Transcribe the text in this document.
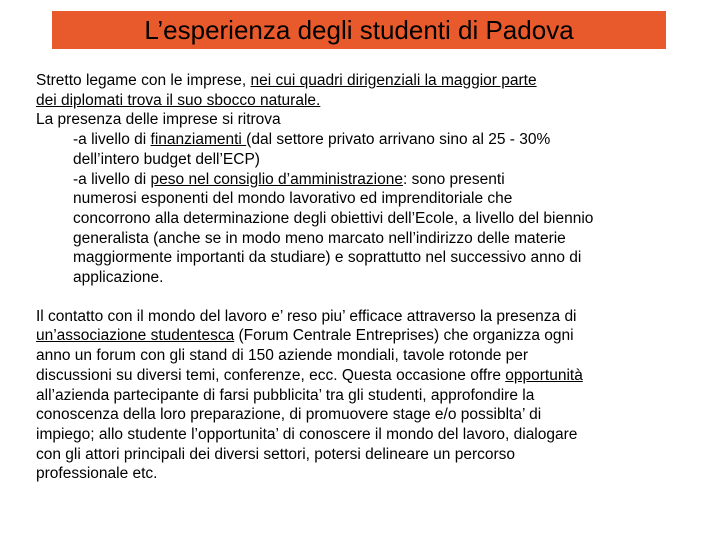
L’esperienza degli studenti di Padova
Stretto legame con le imprese, nei cui quadri dirigenziali la maggior parte
dei diplomati trova il suo sbocco naturale.
La presenza delle imprese si ritrova
-a livello di finanziamenti (dal settore privato arrivano sino al 25 - 30%
dell’intero budget dell’ECP)
-a livello di peso nel consiglio d’amministrazione: sono presenti
numerosi esponenti del mondo lavorativo ed imprenditoriale che
concorrono alla determinazione degli obiettivi dell’Ecole, a livello del biennio
generalista (anche se in modo meno marcato nell’indirizzo delle materie
maggiormente importanti da studiare) e soprattutto nel successivo anno di
applicazione.
Il contatto con il mondo del lavoro e’ reso piu’ efficace attraverso la presenza di
un’associazione studentesca (Forum Centrale Entreprises) che organizza ogni
anno un forum con gli stand di 150 aziende mondiali, tavole rotonde per
discussioni su diversi temi, conferenze, ecc. Questa occasione offre opportunità
all’azienda partecipante di farsi pubblicita’ tra gli studenti, approfondire la
conoscenza della loro preparazione, di promuovere stage e/o possiblta’ di
impiego; allo studente l’opportunita’ di conoscere il mondo del lavoro, dialogare
con gli attori principali dei diversi settori, potersi delineare un percorso
professionale etc.
